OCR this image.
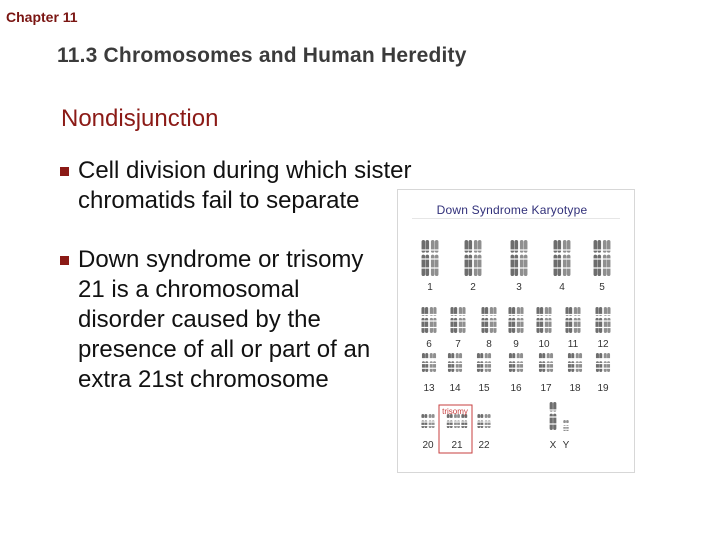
Chapter 11
11.3 Chromosomes and Human Heredity
Nondisjunction
Cell division during which sister chromatids fail to separate
Down syndrome or trisomy 21 is a chromosomal disorder caused by the presence of all or part of an extra 21st chromosome
Down Syndrome Karyotype
1	2	3	4	5
6 7	8 9 10 11 12
13 14 15 16 17 18 19
20 21 22
trisomy
X Y
